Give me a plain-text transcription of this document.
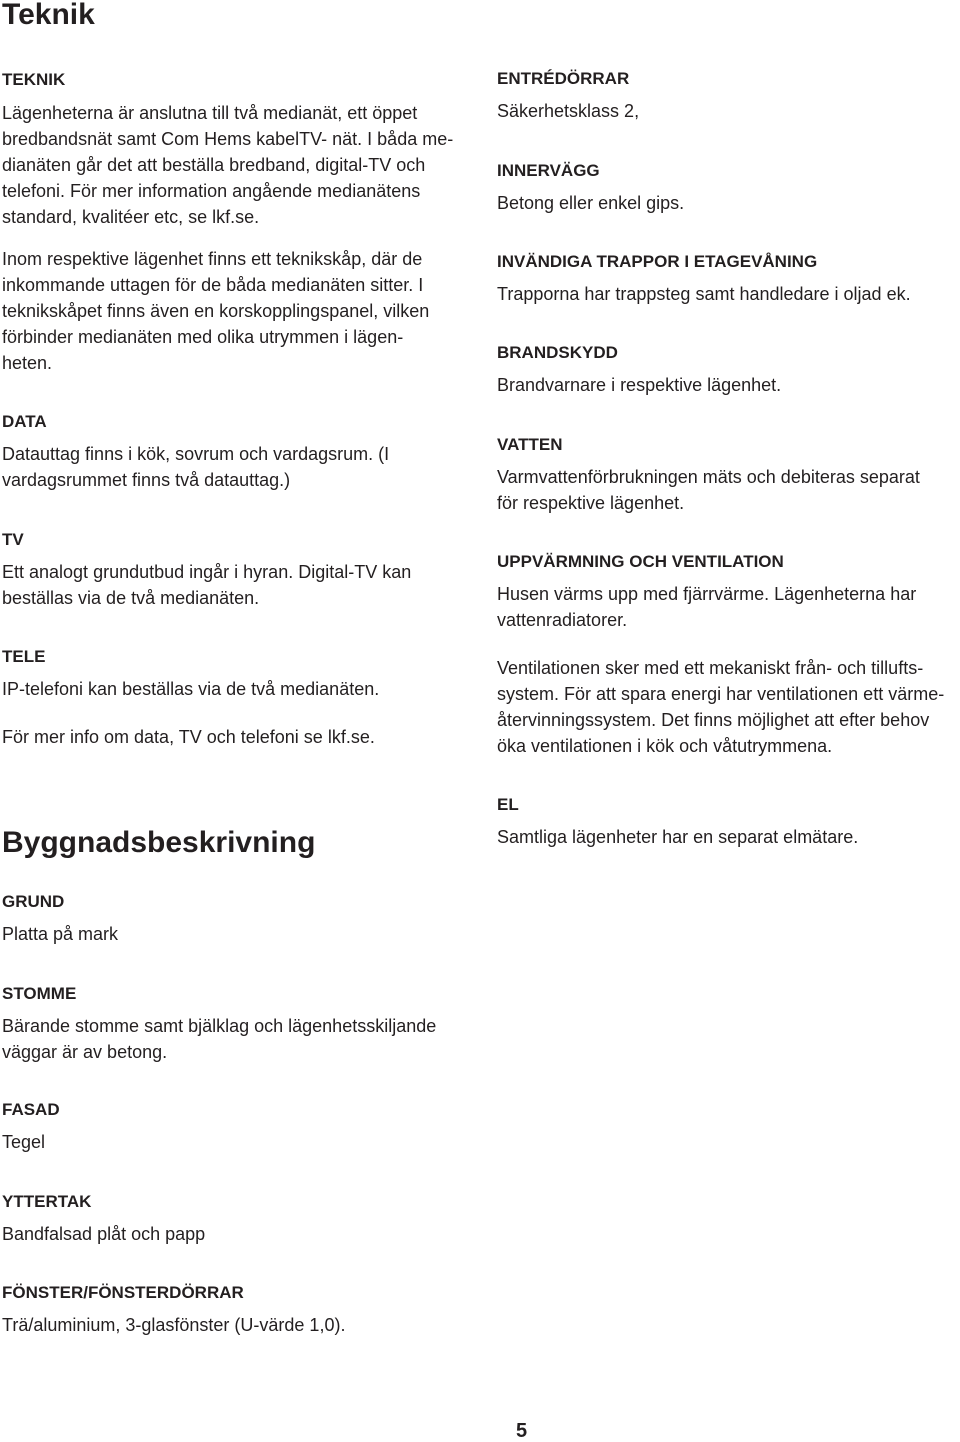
Teknik
TEKNIK
Lägenheterna är anslutna till två medianät, ett öppet
bredbandsnät samt Com Hems kabelTV- nät. I båda me-
dianäten går det att beställa bredband, digital-TV och
telefoni. För mer information angående medianätens
standard, kvalitéer etc, se lkf.se.
Inom respektive lägenhet finns ett teknikskåp, där de
inkommande uttagen för de båda medianäten sitter. I
teknikskåpet finns även en korskopplingspanel, vilken
förbinder medianäten med olika utrymmen i lägen-
heten.
DATA
Datauttag finns i kök, sovrum och vardagsrum. (I
vardagsrummet finns två datauttag.)
TV
Ett analogt grundutbud ingår i hyran. Digital-TV kan
beställas via de två medianäten.
TELE
IP-telefoni kan beställas via de två medianäten.
För mer info om data, TV och telefoni se lkf.se.
Byggnadsbeskrivning
GRUND
Platta på mark
STOMME
Bärande stomme samt bjälklag och lägenhetsskiljande
väggar är av betong.
FASAD
Tegel
YTTERTAK
Bandfalsad plåt och papp
FÖNSTER/FÖNSTERDÖRRAR
Trä/aluminium, 3-glasfönster (U-värde 1,0).
ENTRÉDÖRRAR
Säkerhetsklass 2,
INNERVÄGG
Betong eller enkel gips.
INVÄNDIGA TRAPPOR I ETAGEVÅNING
Trapporna har trappsteg samt handledare i oljad ek.
BRANDSKYDD
Brandvarnare i respektive lägenhet.
VATTEN
Varmvattenförbrukningen mäts och debiteras separat
för respektive lägenhet.
UPPVÄRMNING OCH VENTILATION
Husen värms upp med fjärrvärme. Lägenheterna har
vattenradiatorer.
Ventilationen sker med ett mekaniskt från- och tillufts-
system. För att spara energi har ventilationen ett värme-
återvinningssystem. Det finns möjlighet att efter behov
öka ventilationen i kök och våtutrymmena.
EL
Samtliga lägenheter har en separat elmätare.
5
